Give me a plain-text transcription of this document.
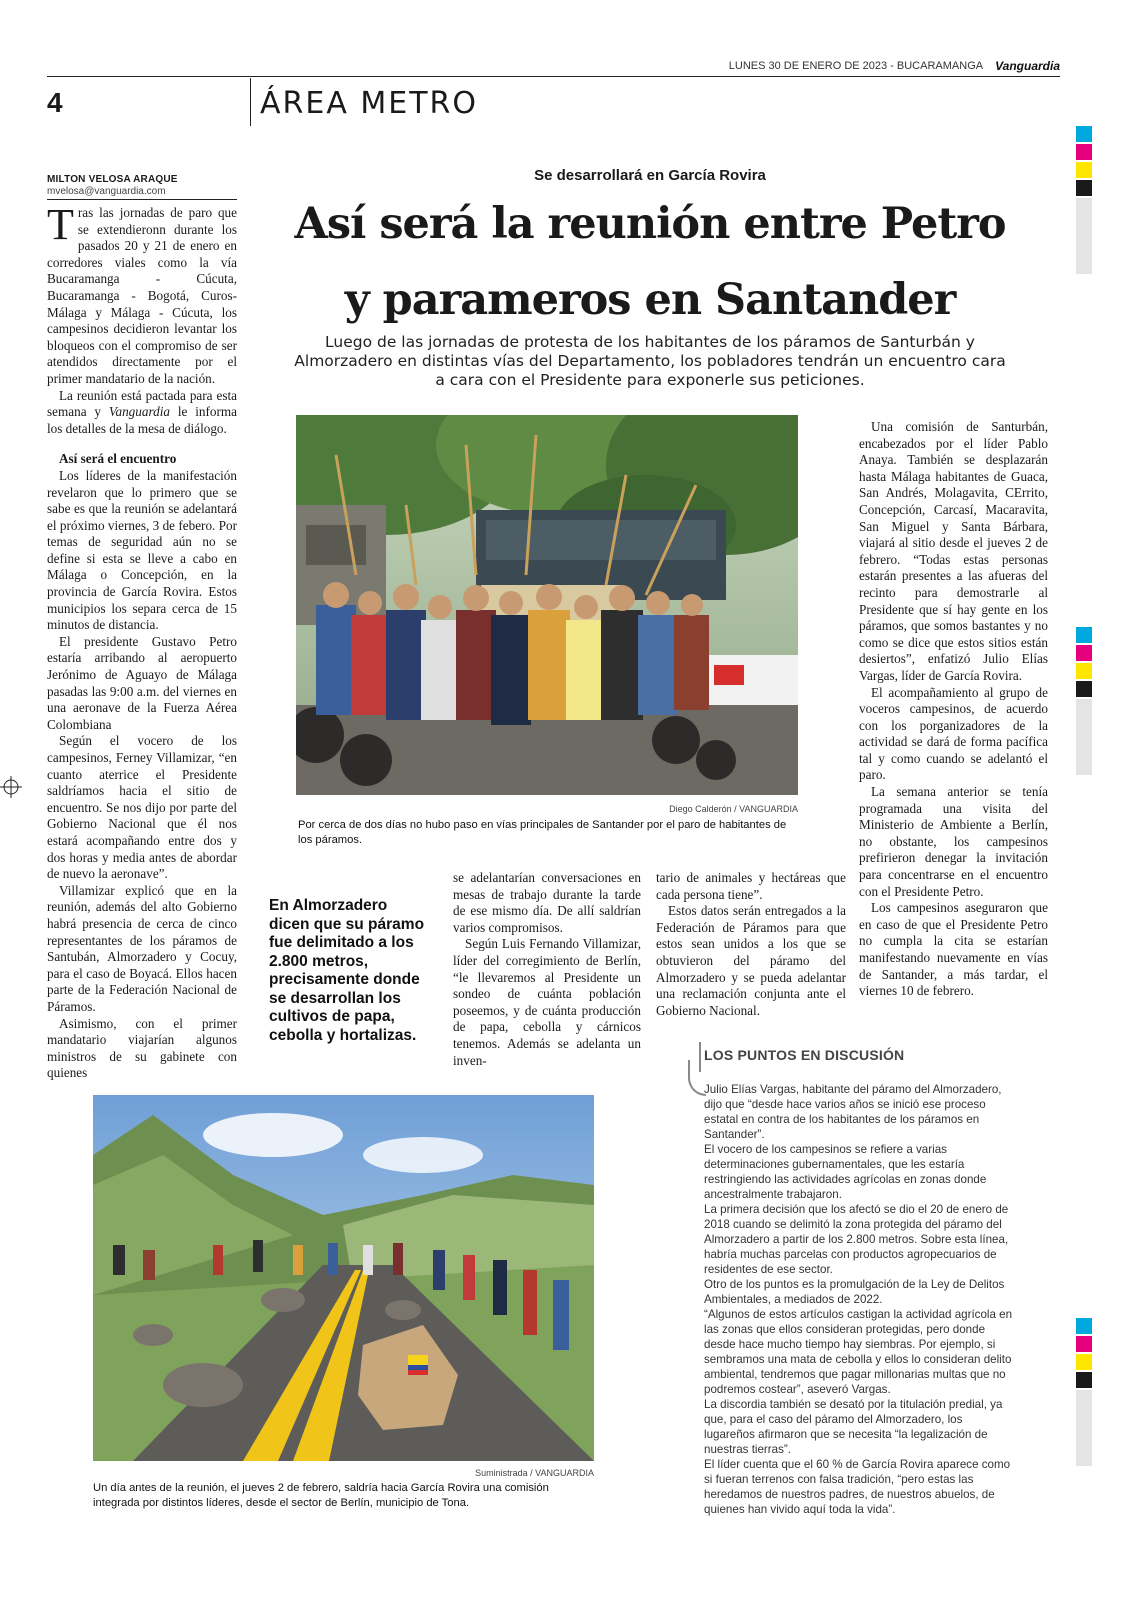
LUNES 30 DE ENERO DE 2023 - BUCARAMANGA Vanguardia
4	ÁREA METRO
MILTON VELOSA ARAQUE
mvelosa@vanguardia.com

Tras las jornadas de paro que se extendieronn durante los pasados 20 y 21 de enero en corredores viales como la vía Bucaramanga - Cúcuta, Bucaramanga - Bogotá, Curos- Málaga y Málaga - Cúcuta, los campesinos decidieron levantar los bloqueos con el compromiso de ser atendidos directamente por el primer mandatario de la nación.

La reunión está pactada para esta semana y Vanguardia le informa los detalles de la mesa de diálogo.

Así será el encuentro

Los líderes de la manifestación revelaron que lo primero que se sabe es que la reunión se adelantará el próximo viernes, 3 de febero. Por temas de seguridad aún no se define si esta se lleve a cabo en Málaga o Concepción, en la provincia de García Rovira. Estos municipios los separa cerca de 15 minutos de distancia.

El presidente Gustavo Petro estaría arribando al aeropuerto Jerónimo de Aguayo de Málaga pasadas las 9:00 a.m. del viernes en una aeronave de la Fuerza Aérea Colombiana

Según el vocero de los campesinos, Ferney Villamizar, “en cuanto aterrice el Presidente saldríamos hacia el sitio de encuentro. Se nos dijo por parte del Gobierno Nacional que él nos estará acompañando entre dos y dos horas y media antes de abordar de nuevo la aeronave”.

Villamizar explicó que en la reunión, además del alto Gobierno habrá presencia de cerca de cinco representantes de los páramos de Santubán, Almorzadero y Cocuy, para el caso de Boyacá. Ellos hacen parte de la Federación Nacional de Páramos.

Asimismo, con el primer mandatario viajarían algunos ministros de su gabinete con quienes

Se desarrollará en García Rovira
Así será la reunión entre Petro
y parameros en Santander
Luego de las jornadas de protesta de los habitantes de los páramos de Santurbán y Almorzadero en distintas vías del Departamento, los pobladores tendrán un encuentro cara a cara con el Presidente para exponerle sus peticiones.
Diego Calderón / VANGUARDIA
Por cerca de dos días no hubo paso en vías principales de Santander por el paro de habitantes de los páramos.

Una comisión de Santurbán, encabezados por el líder Pablo Anaya. También se desplazarán hasta Málaga habitantes de Guaca, San Andrés, Molagavita, CErrito, Concepción, Carcasí, Macaravita, San Miguel y Santa Bárbara, viajará al sitio desde el jueves 2 de febrero. “Todas estas personas estarán presentes a las afueras del recinto para demostrarle al Presidente que sí hay gente en los páramos, que somos bastantes y no como se dice que estos sitios están desiertos”, enfatizó Julio Elías Vargas, líder de García Rovira.

El acompañamiento al grupo de voceros campesinos, de acuerdo con los porganizadores de la actividad se dará de forma pacífica tal y como cuando se adelantó el paro.

La semana anterior se tenía programada una visita del Ministerio de Ambiente a Berlín, no obstante, los campesinos prefirieron denegar la invitación para concentrarse en el encuentro con el Presidente Petro.

Los campesinos aseguraron que en caso de que el Presidente Petro no cumpla la cita se estarían manifestando nuevamente en vías de Santander, a más tardar, el viernes 10 de febrero.

En Almorzadero dicen que su páramo fue delimitado a los 2.800 metros, precisamente donde se desarrollan los cultivos de papa, cebolla y hortalizas.

se adelantarían conversaciones en mesas de trabajo durante la tarde de ese mismo día. De allí saldrían varios compromisos.

Según Luis Fernando Villamizar, líder del corregimiento de Berlín, “le llevaremos al Presidente un sondeo de cuánta población poseemos, y de cuánta producción de papa, cebolla y cárnicos tenemos. Además se adelanta un inven-

tario de animales y hectáreas que cada persona tiene”.

Estos datos serán entregados a la Federación de Páramos para que estos sean unidos a los que se obtuvieron del páramo del Almorzadero y se pueda adelantar una reclamación conjunta ante el Gobierno Nacional.

Suministrada / VANGUARDIA
Un día antes de la reunión, el jueves 2 de febrero, saldría hacia García Rovira una comisión integrada por distintos líderes, desde el sector de Berlín, municipio de Tona.
LOS PUNTOS EN DISCUSIÓN

Julio Elías Vargas, habitante del páramo del Almorzadero, dijo que “desde hace varios años se inició ese proceso estatal en contra de los habitantes de los páramos en Santander”.

El vocero de los campesinos se refiere a varias determinaciones gubernamentales, que les estaría restringiendo las actividades agrícolas en zonas donde ancestralmente trabajaron.

La primera decisión que los afectó se dio el 20 de enero de 2018 cuando se delimitó la zona protegida del páramo del Almorzadero a partir de los 2.800 metros. Sobre esta línea, habría muchas parcelas con productos agropecuarios de residentes de ese sector.

Otro de los puntos es la promulgación de la Ley de Delitos Ambientales, a mediados de 2022.

“Algunos de estos artículos castigan la actividad agrícola en las zonas que ellos consideran protegidas, pero donde desde hace mucho tiempo hay siembras. Por ejemplo, si sembramos una mata de cebolla y ellos lo consideran delito ambiental, tendremos que pagar millonarias multas que no podremos costear”, aseveró Vargas.

La discordia también se desató por la titulación predial, ya que, para el caso del páramo del Almorzadero, los lugareños afirmaron que se necesita “la legalización de nuestras tierras”.

El líder cuenta que el 60 % de García Rovira aparece como si fueran terrenos con falsa tradición, “pero estas las heredamos de nuestros padres, de nuestros abuelos, de quienes han vivido aquí toda la vida”.
